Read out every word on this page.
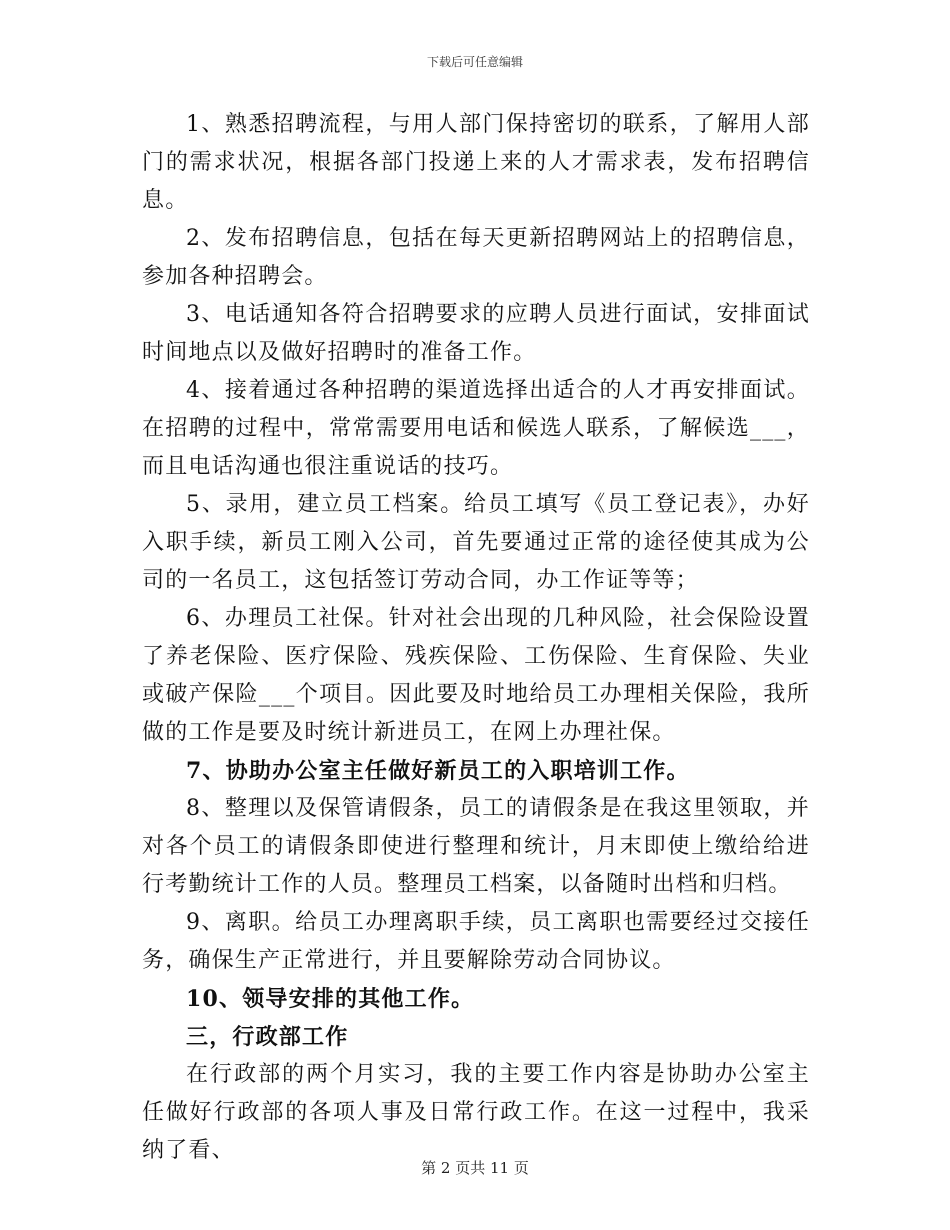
下载后可任意编辑

1、熟悉招聘流程，与用人部门保持密切的联系，了解用人部门的需求状况，根据各部门投递上来的人才需求表，发布招聘信息。

2、发布招聘信息，包括在每天更新招聘网站上的招聘信息，参加各种招聘会。

3、电话通知各符合招聘要求的应聘人员进行面试，安排面试时间地点以及做好招聘时的准备工作。

4、接着通过各种招聘的渠道选择出适合的人才再安排面试。在招聘的过程中，常常需要用电话和候选人联系，了解候选___，而且电话沟通也很注重说话的技巧。

5、录用，建立员工档案。给员工填写《员工登记表》，办好入职手续，新员工刚入公司，首先要通过正常的途径使其成为公司的一名员工，这包括签订劳动合同，办工作证等等；

6、办理员工社保。针对社会出现的几种风险，社会保险设置了养老保险、医疗保险、残疾保险、工伤保险、生育保险、失业或破产保险___个项目。因此要及时地给员工办理相关保险，我所做的工作是要及时统计新进员工，在网上办理社保。

7、协助办公室主任做好新员工的入职培训工作。

8、整理以及保管请假条，员工的请假条是在我这里领取，并对各个员工的请假条即使进行整理和统计，月末即使上缴给给进行考勤统计工作的人员。整理员工档案，以备随时出档和归档。

9、离职。给员工办理离职手续，员工离职也需要经过交接任务，确保生产正常进行，并且要解除劳动合同协议。

10、领导安排的其他工作。

三，行政部工作

在行政部的两个月实习，我的主要工作内容是协助办公室主任做好行政部的各项人事及日常行政工作。在这一过程中，我采纳了看、

第 2 页共 11 页
